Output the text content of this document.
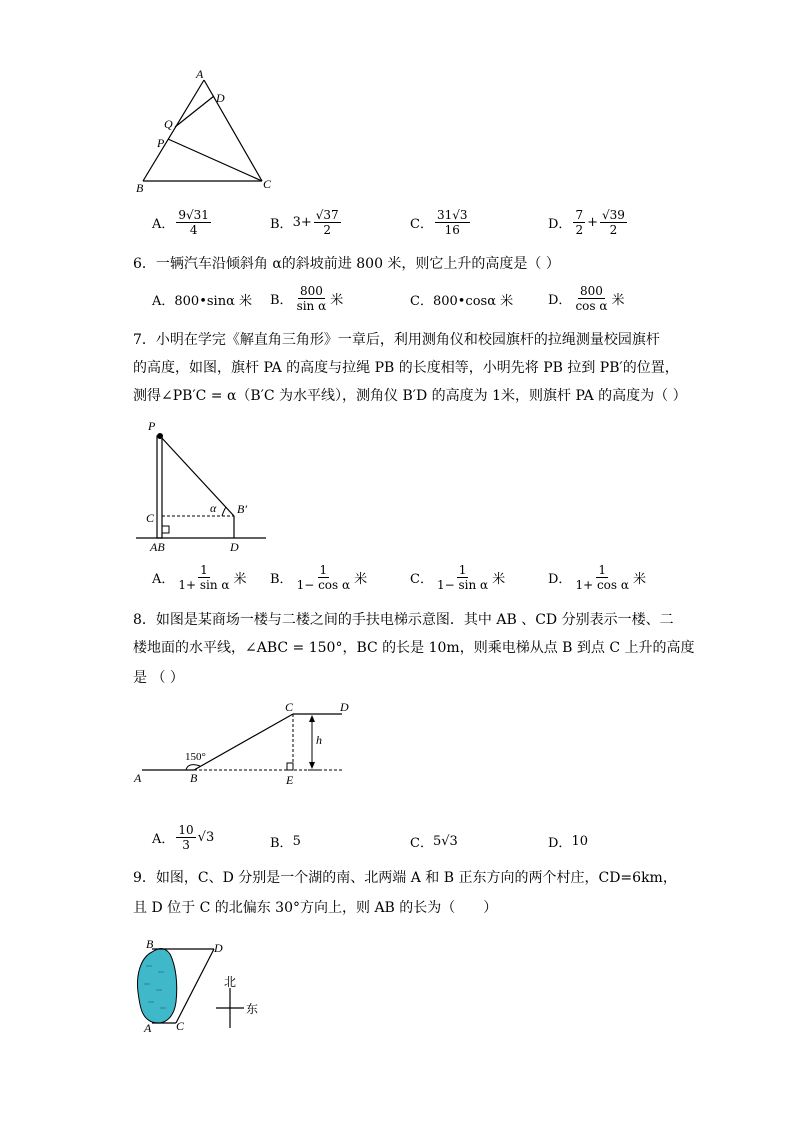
A
D
Q
P
B	C
A． $\frac{9√31}{4}$	B． $3+ \frac{√37}{2}$	C． $\frac{31√3}{16}$	D． $\frac{7}{2} + \frac{√39}{2}$
6．一辆汽车沿倾斜角 α的斜坡前进 800 米，则它上升的高度是（ ）
A． 800•sinα 米 B． $\frac{800}{\text{sin α}}$ 米	C． 800•cosα 米	D． $\frac{800}{\text{cos α}}$ 米
7．小明在学完《解直角三角形》一章后，利用测角仪和校园旗杆的拉绳测量校园旗杆
的高度，如图，旗杆 PA 的高度与拉绳 PB 的长度相等，小明先将 PB 拉到 PB′的位置，
测得∠PB′C = α（B′C 为水平线），测角仪 B′D 的高度为 1米，则旗杆 PA 的高度为（ ）
P
C
α B′
AB	D
A． $\frac{1}{\text{1+ sin α}}$ 米 B． $\frac{1}{\text{1− cos α}}$ 米	C． $\frac{1}{\text{1− sin α}}$ 米	D． $\frac{1}{\text{1+ cos α}}$ 米
8．如图是某商场一楼与二楼之间的手扶电梯示意图．其中 AB 、CD 分别表示一楼、二
楼地面的水平线，∠ABC = 150°，BC 的长是 10m，则乘电梯从点 B 到点 C 上升的高度
是 （ ）
C	D
h
150°
A	B	E
A． $\frac{10}{3} √3$	B． 5	C． 5√3	D． 10
9．如图，C、D 分别是一个湖的南、北两端 A 和 B 正东方向的两个村庄，CD=6km，
且 D 位于 C 的北偏东 30°方向上，则 AB 的长为（　　）
B	D
A C
北
东
